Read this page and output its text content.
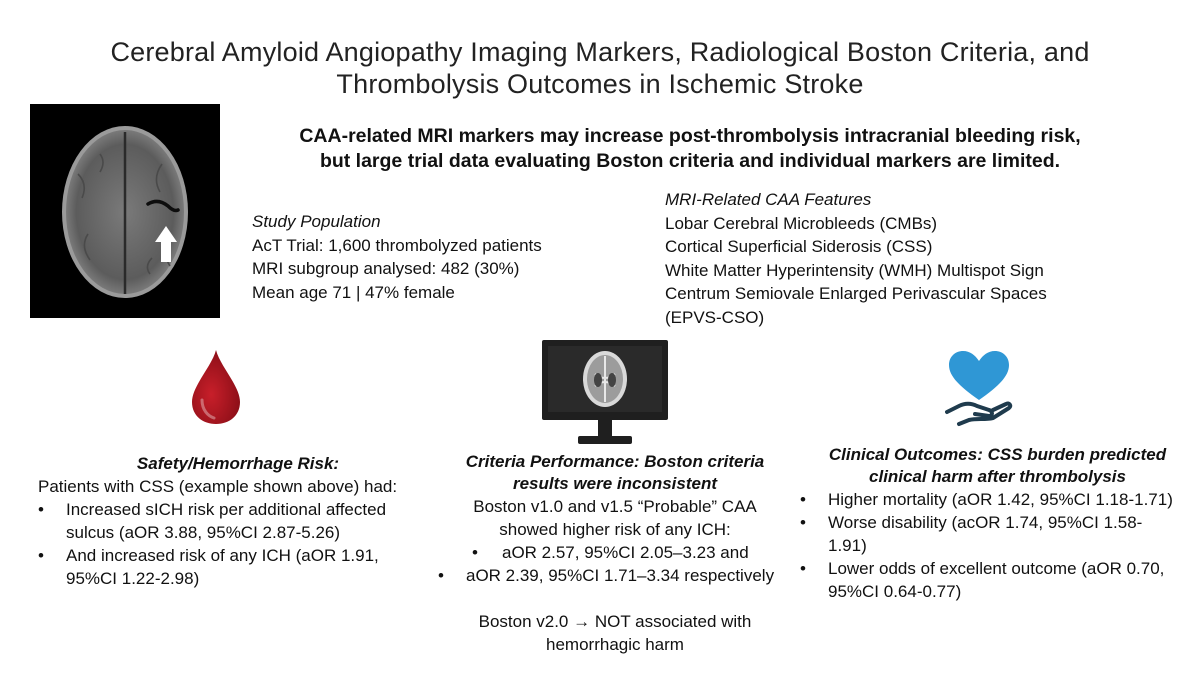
Cerebral Amyloid Angiopathy Imaging Markers, Radiological Boston Criteria, and
Thrombolysis Outcomes in Ischemic Stroke
CAA-related MRI markers may increase post-thrombolysis intracranial bleeding risk,
but large trial data evaluating Boston criteria and individual markers are limited.
Study Population
AcT Trial: 1,600 thrombolyzed patients
MRI subgroup analysed: 482 (30%)
Mean age 71 | 47% female
MRI-Related CAA Features
Lobar Cerebral Microbleeds (CMBs)
Cortical Superficial Siderosis (CSS)
White Matter Hyperintensity (WMH) Multispot Sign
Centrum Semiovale Enlarged Perivascular Spaces
(EPVS-CSO)
Safety/Hemorrhage Risk:
Patients with CSS (example shown above) had:
• Increased sICH risk per additional affected
sulcus (aOR 3.88, 95%CI 2.87-5.26)
• And increased risk of any ICH (aOR 1.91,
95%CI 1.22-2.98)
Criteria Performance: Boston criteria
results were inconsistent
Boston v1.0 and v1.5 “Probable” CAA
showed higher risk of any ICH:
• aOR 2.57, 95%CI 2.05–3.23 and
• aOR 2.39, 95%CI 1.71–3.34 respectively
Boston v2.0 → NOT associated with
hemorrhagic harm
Clinical Outcomes: CSS burden predicted
clinical harm after thrombolysis
• Higher mortality (aOR 1.42, 95%CI 1.18-1.71)
• Worse disability (acOR 1.74, 95%CI 1.58-
1.91)
• Lower odds of excellent outcome (aOR 0.70,
95%CI 0.64-0.77)
